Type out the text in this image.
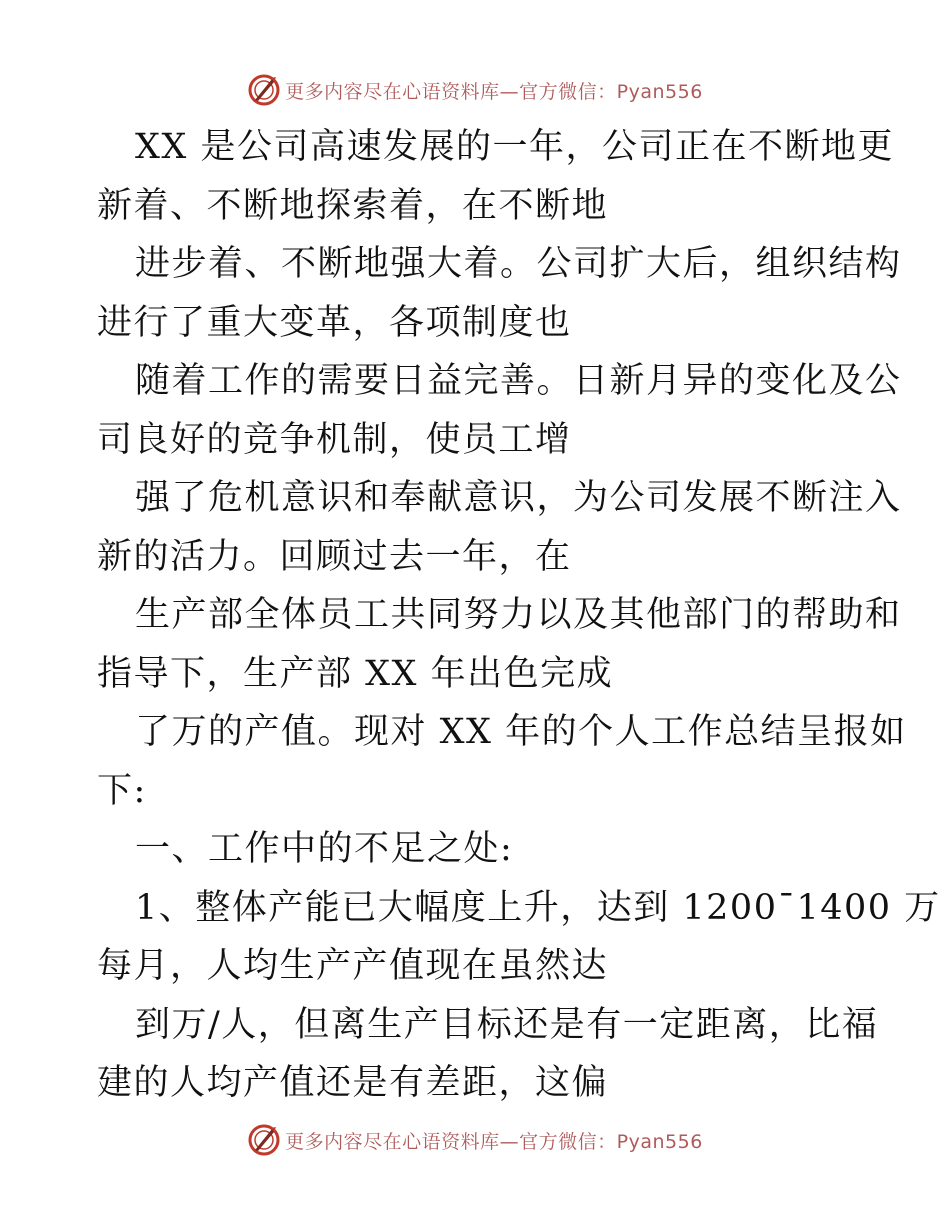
更多内容尽在心语资料库—官方微信：Pyan556
XX 是公司高速发展的一年，公司正在不断地更
新着、不断地探索着，在不断地
进步着、不断地强大着。公司扩大后，组织结构
进行了重大变革，各项制度也
随着工作的需要日益完善。日新月异的变化及公
司良好的竞争机制，使员工增
强了危机意识和奉献意识，为公司发展不断注入
新的活力。回顾过去一年，在
生产部全体员工共同努力以及其他部门的帮助和
指导下，生产部 XX 年出色完成
了万的产值。现对 XX 年的个人工作总结呈报如
下:
一、工作中的不足之处:
1、整体产能已大幅度上升，达到 1200¯1400 万
每月，人均生产产值现在虽然达
到万/人，但离生产目标还是有一定距离，比福
建的人均产值还是有差距，这偏
更多内容尽在心语资料库—官方微信：Pyan556
